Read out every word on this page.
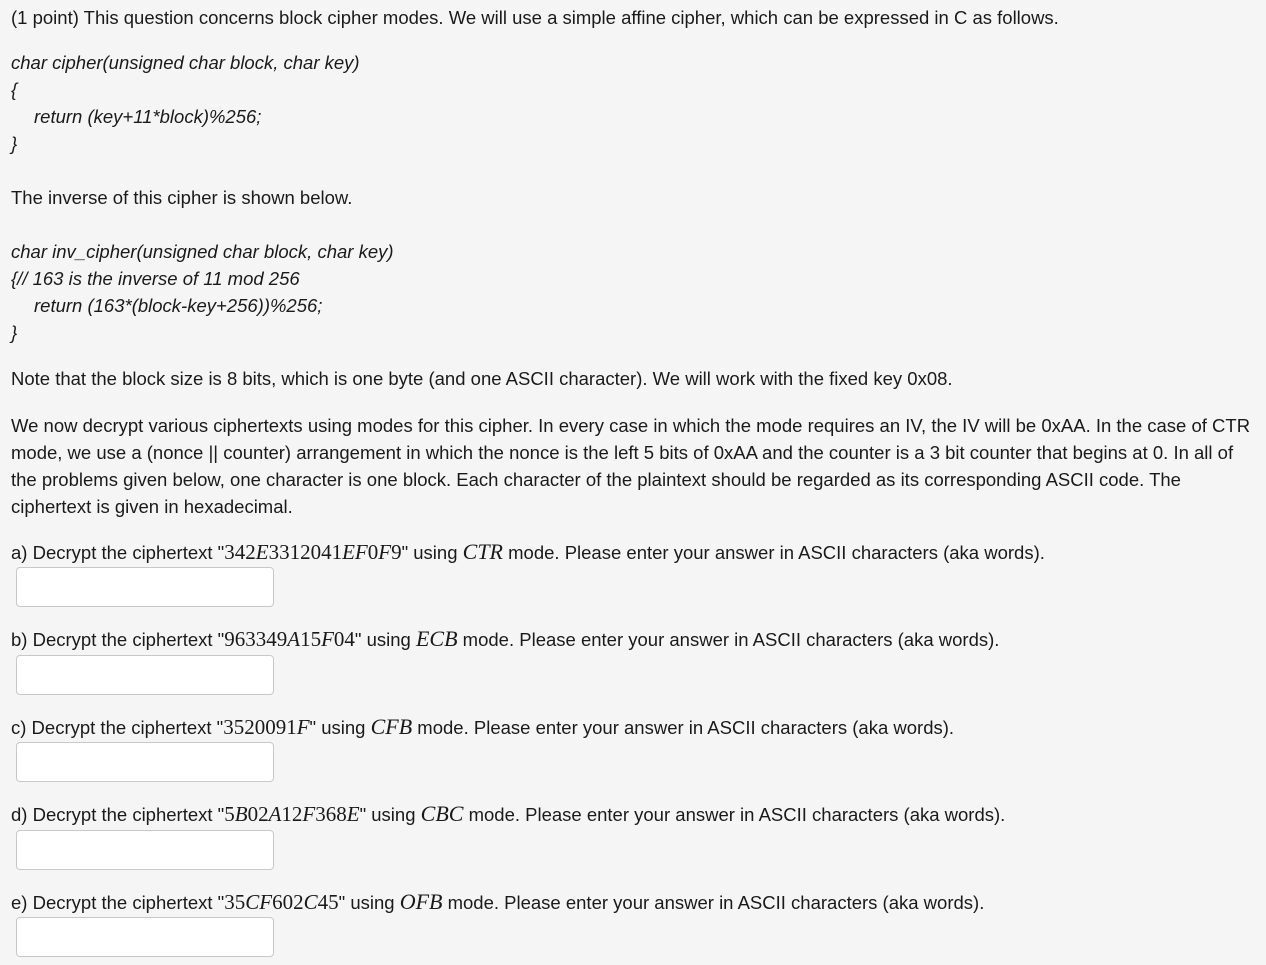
(1 point) This question concerns block cipher modes. We will use a simple affine cipher, which can be expressed in C as follows.
char cipher(unsigned char block, char key)
{
return (key+11*block)%256;
}
The inverse of this cipher is shown below.
char inv_cipher(unsigned char block, char key)
{// 163 is the inverse of 11 mod 256
return (163*(block-key+256))%256;
}
Note that the block size is 8 bits, which is one byte (and one ASCII character). We will work with the fixed key 0x08.
We now decrypt various ciphertexts using modes for this cipher. In every case in which the mode requires an IV, the IV will be 0xAA. In the case of CTR mode, we use a (nonce || counter) arrangement in which the nonce is the left 5 bits of 0xAA and the counter is a 3 bit counter that begins at 0. In all of the problems given below, one character is one block. Each character of the plaintext should be regarded as its corresponding ASCII code. The ciphertext is given in hexadecimal.
a) Decrypt the ciphertext "342E3312041EF0F9" using CTR mode. Please enter your answer in ASCII characters (aka words).
b) Decrypt the ciphertext "963349A15F04" using ECB mode. Please enter your answer in ASCII characters (aka words).
c) Decrypt the ciphertext "3520091F" using CFB mode. Please enter your answer in ASCII characters (aka words).
d) Decrypt the ciphertext "5B02A12F368E" using CBC mode. Please enter your answer in ASCII characters (aka words).
e) Decrypt the ciphertext "35CF602C45" using OFB mode. Please enter your answer in ASCII characters (aka words).
